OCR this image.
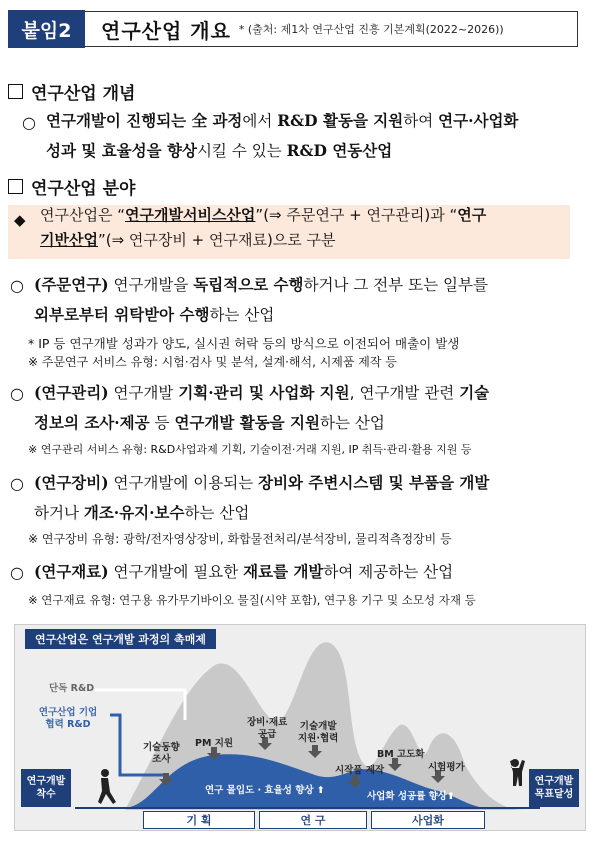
붙임2	연구산업 개요 * (출처: 제1차 연구산업 진흥 기본계획(2022~2026))
연구산업 개념
○ 연구개발이 진행되는 全 과정에서 R&D 활동을 지원하여 연구·사업화
성과 및 효율성을 향상시킬 수 있는 R&D 연동산업
연구산업 분야
◆ 연구산업은 “연구개발서비스산업”(⇒ 주문연구 + 연구관리)과 “연구
기반산업”(⇒ 연구장비 + 연구재료)으로 구분
○ (주문연구) 연구개발을 독립적으로 수행하거나 그 전부 또는 일부를
외부로부터 위탁받아 수행하는 산업
* IP 등 연구개발 성과가 양도, 실시권 허락 등의 방식으로 이전되어 매출이 발생
※ 주문연구 서비스 유형: 시험·검사 및 분석, 설계·해석, 시제품 제작 등
○ (연구관리) 연구개발 기획·관리 및 사업화 지원, 연구개발 관련 기술
정보의 조사·제공 등 연구개발 활동을 지원하는 산업
※ 연구관리 서비스 유형: R&D사업과제 기획, 기술이전·거래 지원, IP 취득·관리·활용 지원 등
○ (연구장비) 연구개발에 이용되는 장비와 주변시스템 및 부품을 개발
하거나 개조·유지·보수하는 산업
※ 연구장비 유형: 광학/전자영상장비, 화합물전처리/분석장비, 물리적측정장비 등
○ (연구재료) 연구개발에 필요한 재료를 개발하여 제공하는 산업
※ 연구재료 유형: 연구용 유가무기바이오 물질(시약 포함), 연구용 기구 및 소모성 자재 등
연구산업은 연구개발 과정의 촉매제
단독 R&D
연구산업 기업
협력 R&D
기술동향
조사
PM 지원
장비·재료
공급
기술개발
지원·협력
시작품 제작
BM 고도화
시험평가
연구 몰입도 · 효율성 향상 ⬆
사업화 성공률 향상⬆
연구개발
착수
연구개발
목표달성
기 획	연 구	사업화
